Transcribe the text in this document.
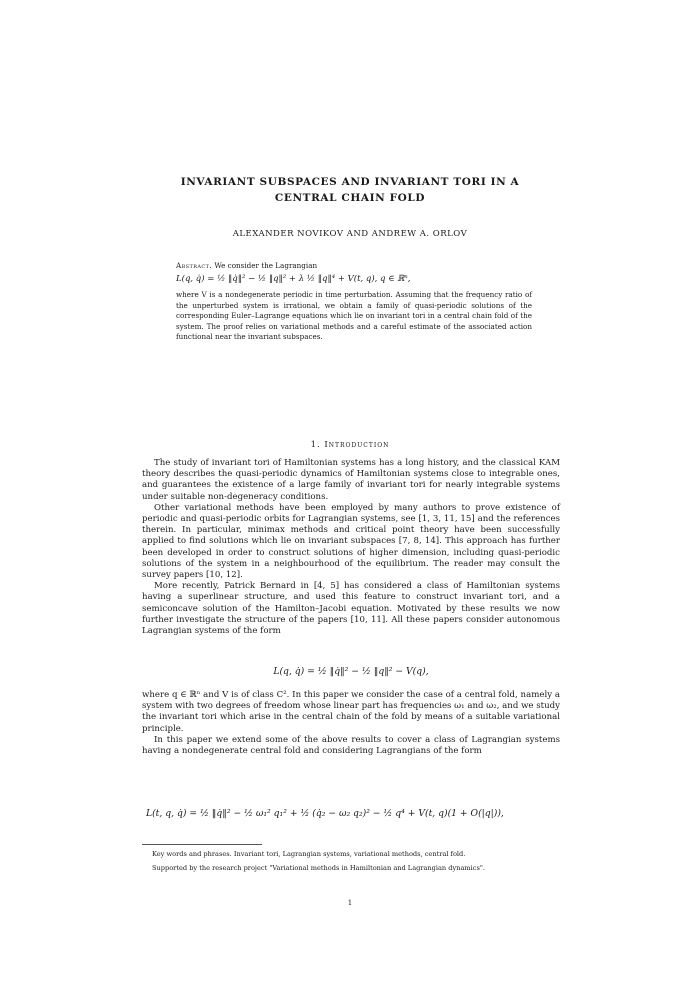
INVARIANT SUBSPACES AND INVARIANT TORI IN A
CENTRAL CHAIN FOLD
ALEXANDER NOVIKOV AND ANDREW A. ORLOV
Abstract. We consider the Lagrangian
L(q, q̇) = ½ ‖q̇‖² − ½ ‖q‖² + λ ½ ‖q‖⁴ + V(t, q), q ∈ ℝⁿ,
where V is a nondegenerate periodic in time perturbation. Assuming that the frequency ratio of the unperturbed system is irrational, we obtain a family of quasi-periodic solutions of the corresponding Euler–Lagrange equations which lie on invariant tori in a central chain fold of the system. The proof relies on variational methods and a careful estimate of the associated action functional near the invariant subspaces.
1. Introduction

The study of invariant tori of Hamiltonian systems has a long history, and the classical KAM theory describes the quasi-periodic dynamics of Hamiltonian systems close to integrable ones, and guarantees the existence of a large family of invariant tori for nearly integrable systems under suitable non-degeneracy conditions.

Other variational methods have been employed by many authors to prove existence of periodic and quasi-periodic orbits for Lagrangian systems, see [1, 3, 11, 15] and the references therein. In particular, minimax methods and critical point theory have been successfully applied to find solutions which lie on invariant subspaces [7, 8, 14]. This approach has further been developed in order to construct solutions of higher dimension, including quasi-periodic solutions of the system in a neighbourhood of the equilibrium. The reader may consult the survey papers [10, 12].

More recently, Patrick Bernard in [4, 5] has considered a class of Hamiltonian systems having a superlinear structure, and used this feature to construct invariant tori, and a semiconcave solution of the Hamilton–Jacobi equation. Motivated by these results we now further investigate the structure of the papers [10, 11]. All these papers consider autonomous Lagrangian systems of the form

L(q, q̇) = ½ ‖q̇‖² − ½ ‖q‖² − V(q),

where q ∈ ℝⁿ and V is of class C². In this paper we consider the case of a central fold, namely a system with two degrees of freedom whose linear part has frequencies ω₁ and ω₂, and we study the invariant tori which arise in the central chain of the fold by means of a suitable variational principle.

In this paper we extend some of the above results to cover a class of Lagrangian systems having a nondegenerate central fold and considering Lagrangians of the form

L(t, q, q̇) = ½ ‖q̇‖² − ½ ω₁² q₁² + ½ (q̇₂ − ω₂ q₂)² − ½ q⁴ + V(t, q)(1 + O(|q|)),

Key words and phrases. Invariant tori, Lagrangian systems, variational methods, central fold.

Supported by the research project "Variational methods in Hamiltonian and Lagrangian dynamics".

1
